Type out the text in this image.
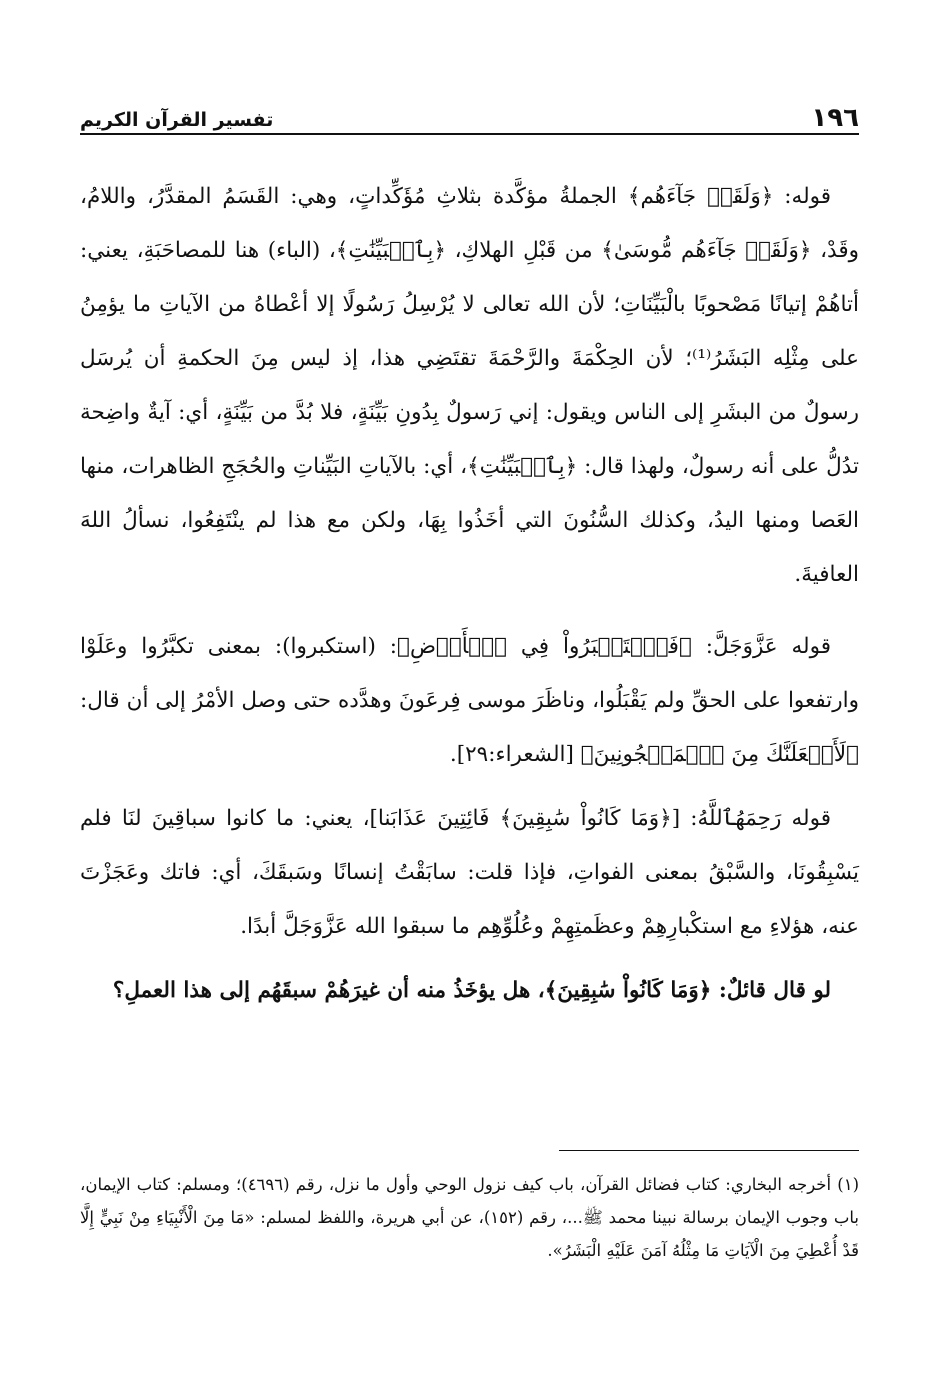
١٩٦
تفسير القرآن الكريم

قوله: ﴿وَلَقَدۡ جَآءَهُم﴾ الجملةُ مؤكَّدة بثلاثِ مُؤَكِّداتٍ، وهي: القَسَمُ المقدَّرُ، واللامُ، وقَدْ، ﴿وَلَقَدۡ جَآءَهُم مُّوسَىٰ﴾ من قَبْلِ الهلاكِ، ﴿بِٱلۡبَيِّنَٰتِ﴾، (الباء) هنا للمصاحَبَةِ، يعني: أتاهُمْ إتيانًا مَصْحوبًا بالْبَيِّنَاتِ؛ لأن الله تعالى لا يُرْسِلُ رَسُولًا إلا أعْطاهُ من الآياتِ ما يؤمِنُ على مِثْلِه البَشَرُ⁽¹⁾؛ لأن الحِكْمَةَ والرَّحْمَةَ تقتَضِي هذا، إذ ليس مِنَ الحكمةِ أن يُرسَل رسولٌ من البشَرِ إلى الناس ويقول: إني رَسولٌ بِدُونِ بَيِّنَةٍ، فلا بُدَّ من بَيِّنَةٍ، أي: آيةٌ واضِحة تدُلُّ على أنه رسولٌ، ولهذا قال: ﴿بِٱلۡبَيِّنَٰتِ﴾، أي: بالآياتِ البَيِّناتِ والحُجَجِ الظاهرات، منها العَصا ومنها اليدُ، وكذلك السُّنُونَ التي أخَذُوا بِهَا، ولكن مع هذا لم ينْتَفِعُوا، نسألُ اللهَ العافيةَ.

قوله عَزَّوَجَلَّ: ﴿فَٱسۡتَكۡبَرُواْ فِي ٱلۡأَرۡضِ﴾: (استكبروا): بمعنى تكبَّرُوا وعَلَوْا وارتفعوا على الحقِّ ولم يَقْبَلُوا، وناظَرَ موسى فِرعَونَ وهدَّده حتى وصل الأمْرُ إلى أن قال: ﴿لَأَجۡعَلَنَّكَ مِنَ ٱلۡمَسۡجُونِينَ﴾ [الشعراء:٢٩].

قوله رَحِمَهُٱللَّهُ: [﴿وَمَا كَانُواْ سَٰبِقِينَ﴾ فَائِتِينَ عَذَابَنا]، يعني: ما كانوا سباقِينَ لنَا فلم يَسْبِقُونَا، والسَّبْقُ بمعنى الفواتِ، فإذا قلت: سابَقْتُ إنسانًا وسَبقَكَ، أي: فاتك وعَجَزْتَ عنه، هؤلاءِ مع استكْبارِهِمْ وعظَمتِهِمْ وعُلُوِّهِم ما سبقوا الله عَزَّوَجَلَّ أبدًا.

لو قال قائلٌ: ﴿وَمَا كَانُواْ سَٰبِقِينَ﴾، هل يؤخَذُ منه أن غيرَهُمْ سبقَهُم إلى هذا العملِ؟

(١) أخرجه البخاري: كتاب فضائل القرآن، باب كيف نزول الوحي وأول ما نزل، رقم (٤٦٩٦)؛ ومسلم: كتاب الإيمان، باب وجوب الإيمان برسالة نبينا محمد ﷺ...، رقم (١٥٢)، عن أبي هريرة، واللفظ لمسلم: «مَا مِنَ الْأَنْبِيَاءِ مِنْ نَبِيٍّ إِلَّا قَدْ أُعْطِيَ مِنَ الْآيَاتِ مَا مِثْلُهُ آمَنَ عَلَيْهِ الْبَشَرُ».
